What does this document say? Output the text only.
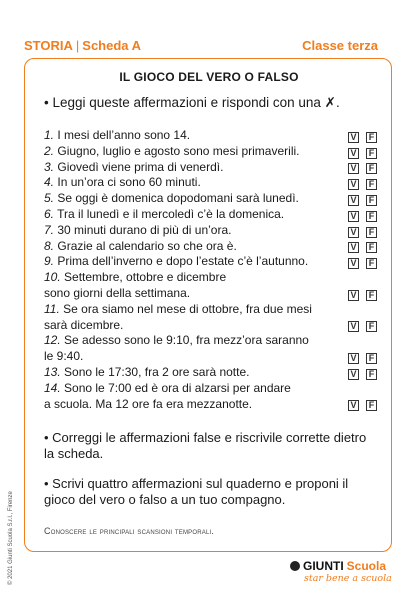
STORIA | Scheda A	Classe terza
IL GIOCO DEL VERO O FALSO
• Leggi queste affermazioni e rispondi con una ✗.
1. I mesi dell’anno sono 14.	V	F
2. Giugno, luglio e agosto sono mesi primaverili.	V	F
3. Giovedì viene prima di venerdì.	V	F
4. In un’ora ci sono 60 minuti.	V	F
5. Se oggi è domenica dopodomani sarà lunedì.	V	F
6. Tra il lunedì e il mercoledì c’è la domenica.	V	F
7. 30 minuti durano di più di un’ora.	V	F
8. Grazie al calendario so che ora è.	V	F
9. Prima dell’inverno e dopo l’estate c’è l’autunno.	V	F
10. Settembre, ottobre e dicembre
sono giorni della settimana.	V	F
11. Se ora siamo nel mese di ottobre, fra due mesi
sarà dicembre.	V	F
12. Se adesso sono le 9:10, fra mezz’ora saranno
le 9:40.	V	F
13. Sono le 17:30, fra 2 ore sarà notte.	V	F
14. Sono le 7:00 ed è ora di alzarsi per andare
a scuola. Ma 12 ore fa era mezzanotte.	V	F
• Correggi le affermazioni false e riscrivile corrette dietro la scheda.
• Scrivi quattro affermazioni sul quaderno e proponi il gioco del vero o falso a un tuo compagno.
Conoscere le principali scansioni temporali.
© 2021 Giunti Scuola S.r.l., Firenze	GIUNTI Scuola
star bene a scuola
